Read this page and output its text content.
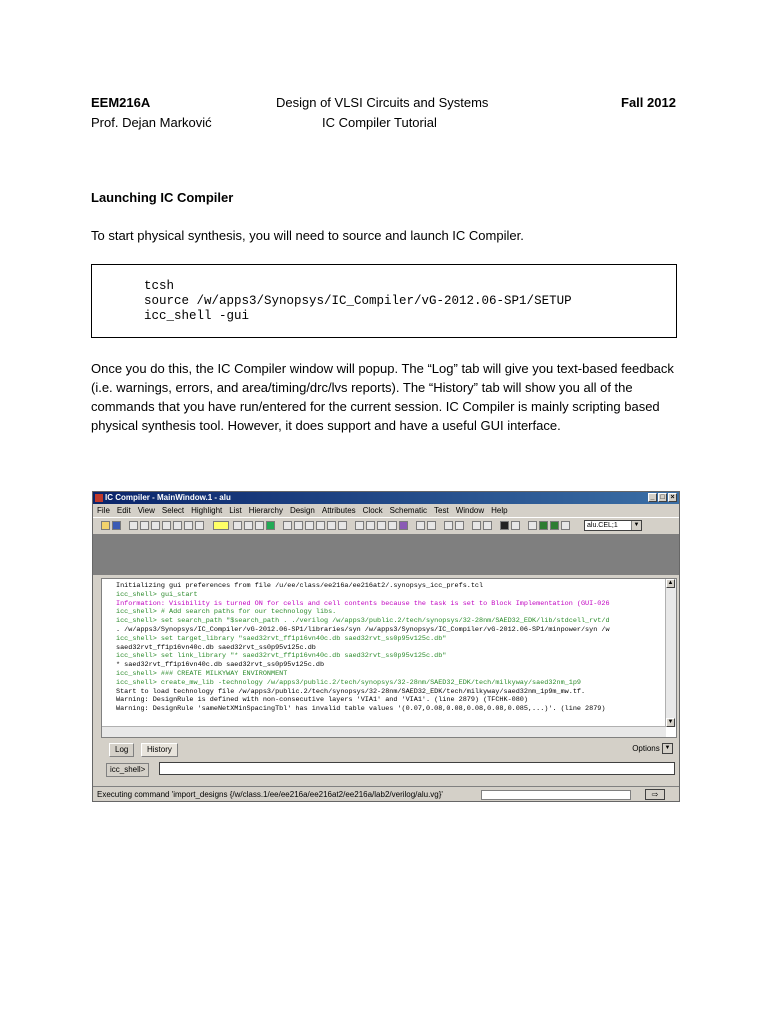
EEM216A
Prof. Dejan Marković
Design of VLSI Circuits and Systems
IC Compiler Tutorial
Fall 2012
Launching IC Compiler
To start physical synthesis, you will need to source and launch IC Compiler.
tcsh
source /w/apps3/Synopsys/IC_Compiler/vG-2012.06-SP1/SETUP
icc_shell -gui
Once you do this, the IC Compiler window will popup. The “Log” tab will give you text-based feedback (i.e. warnings, errors, and area/timing/drc/lvs reports). The “History” tab will show you all of the commands that you have run/entered for the current session. IC Compiler is mainly scripting based physical synthesis tool. However, it does support and have a useful GUI interface.
IC Compiler - MainWindow.1 - alu	_ □ ×
File Edit View Select Highlight List Hierarchy Design Attributes Clock Schematic Test Window Help
alu.CEL;1	▼
Initializing gui preferences from file /u/ee/class/ee216a/ee216at2/.synopsys_icc_prefs.tcl
icc_shell> gui_start
Information: Visibility is turned ON for cells and cell contents because the task is set to Block Implementation (GUI-026
icc_shell> # Add search paths for our technology libs.
icc_shell> set search_path "$search_path . ./verilog /w/apps3/public.2/tech/synopsys/32-28nm/SAED32_EDK/lib/stdcell_rvt/d
. /w/apps3/Synopsys/IC_Compiler/vG-2012.06-SP1/libraries/syn /w/apps3/Synopsys/IC_Compiler/vG-2012.06-SP1/minpower/syn /w
icc_shell> set target_library "saed32rvt_ff1p16vn40c.db saed32rvt_ss0p95v125c.db"
saed32rvt_ff1p16vn40c.db saed32rvt_ss0p95v125c.db
icc_shell> set link_library "* saed32rvt_ff1p16vn40c.db saed32rvt_ss0p95v125c.db"
* saed32rvt_ff1p16vn40c.db saed32rvt_ss0p95v125c.db
icc_shell> ### CREATE MILKYWAY ENVIRONMENT
icc_shell> create_mw_lib -technology /w/apps3/public.2/tech/synopsys/32-28nm/SAED32_EDK/tech/milkyway/saed32nm_1p9
Start to load technology file /w/apps3/public.2/tech/synopsys/32-28nm/SAED32_EDK/tech/milkyway/saed32nm_1p9m_mw.tf.
Warning: DesignRule is defined with non-consecutive layers 'VIA1' and 'VIA1'. (line 2879) (TFCHK-080)
Warning: DesignRule 'sameNetXMinSpacingTbl' has invalid table values '(0.07,0.08,0.08,0.08,0.08,0.085,...)'. (line 2879)
▲
▼
Log	History	Options ▼
icc_shell>
Executing command 'import_designs {/w/class.1/ee/ee216a/ee216at2/ee216a/lab2/verilog/alu.vg}'	⇨
